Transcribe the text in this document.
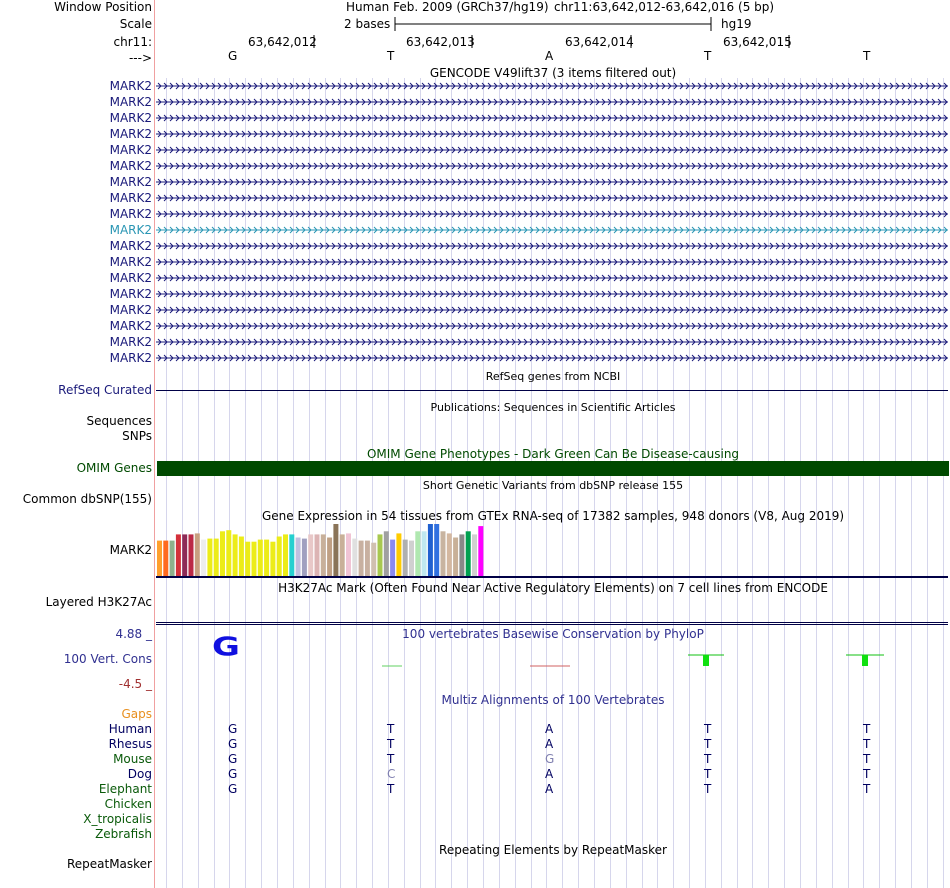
Window Position
Scale
chr11:
--->
Human Feb. 2009 (GRCh37/hg19) chr11:63,642,012-63,642,016 (5 bp)
2 bases	hg19
63,642,012	63,642,013	63,642,014	63,642,015
G	T	A	T	T
GENCODE V49lift37 (3 items filtered out)
MARK2
MARK2
MARK2
MARK2
MARK2
MARK2
MARK2
MARK2
MARK2
MARK2
MARK2
MARK2
MARK2
MARK2
MARK2
MARK2
MARK2
MARK2
RefSeq genes from NCBI
RefSeq Curated
Publications: Sequences in Scientific Articles
Sequences
SNPs
OMIM Gene Phenotypes - Dark Green Can Be Disease-causing
OMIM Genes
Short Genetic Variants from dbSNP release 155
Common dbSNP(155)
Gene Expression in 54 tissues from GTEx RNA-seq of 17382 samples, 948 donors (V8, Aug 2019)
MARK2
H3K27Ac Mark (Often Found Near Active Regulatory Elements) on 7 cell lines from ENCODE
Layered H3K27Ac
100 vertebrates Basewise Conservation by PhyloP
4.88 _
100 Vert. Cons
-4.5 _
G
Multiz Alignments of 100 Vertebrates
Gaps
Human	G	T	A	T	T
Rhesus	G	T	A	T	T
Mouse	G	T	G	T	T
Dog	G	C	A	T	T
Elephant	G	T	A	T	T
Chicken
X_tropicalis
Zebrafish
Repeating Elements by RepeatMasker
RepeatMasker
